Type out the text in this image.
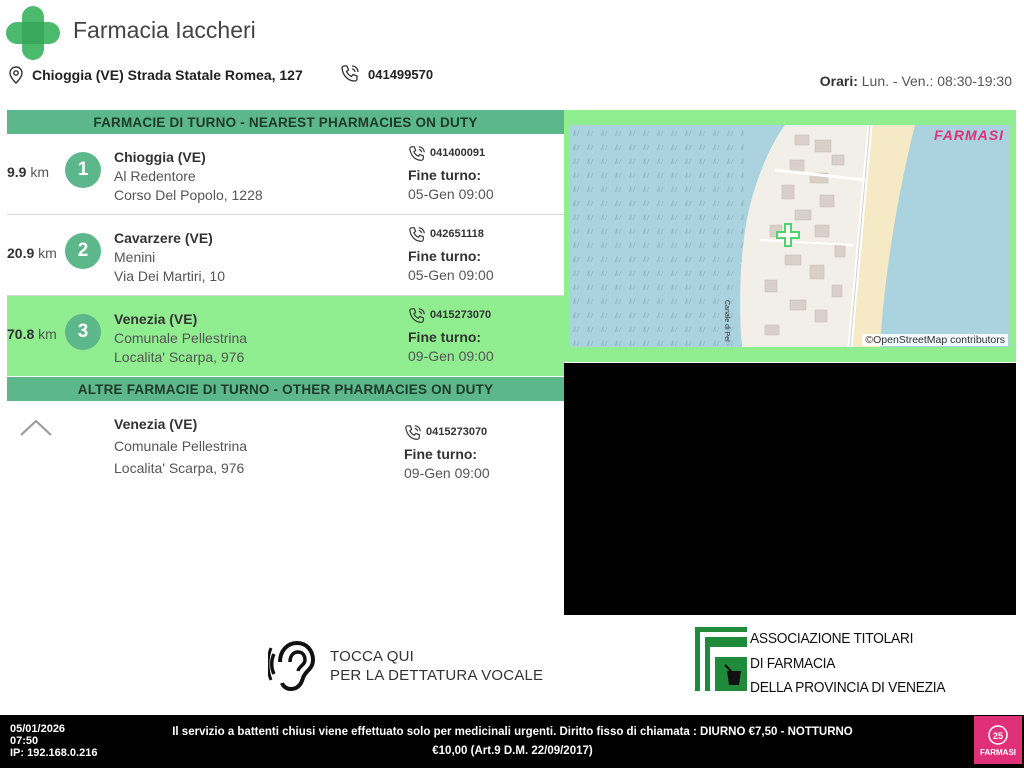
Farmacia Iaccheri
Chioggia (VE) Strada Statale Romea, 127	041499570	Orari: Lun. - Ven.: 08:30-19:30
FARMACIE DI TURNO - NEAREST PHARMACIES ON DUTY
9.9 km	1
Chioggia (VE)
Al Redentore
Corso Del Popolo, 1228
041400091
Fine turno:
05-Gen 09:00
20.9 km	2
Cavarzere (VE)
Menini
Via Dei Martiri, 10
042651118
Fine turno:
05-Gen 09:00
70.8 km	3
Venezia (VE)
Comunale Pellestrina
Localita' Scarpa, 976
0415273070
Fine turno:
09-Gen 09:00
ALTRE FARMACIE DI TURNO - OTHER PHARMACIES ON DUTY
Venezia (VE)
Comunale Pellestrina
Localita' Scarpa, 976
0415273070
Fine turno:
09-Gen 09:00
Canale di Pel
FARMASI
©OpenStreetMap contributors
TOCCA QUI
PER LA DETTATURA VOCALE
ASSOCIAZIONE TITOLARI
DI FARMACIA
DELLA PROVINCIA DI VENEZIA
05/01/2026
07:50
IP: 192.168.0.216
Il servizio a battenti chiusi viene effettuato solo per medicinali urgenti. Diritto fisso di chiamata : DIURNO €7,50 - NOTTURNO
€10,00 (Art.9 D.M. 22/09/2017)
25
FARMASI
